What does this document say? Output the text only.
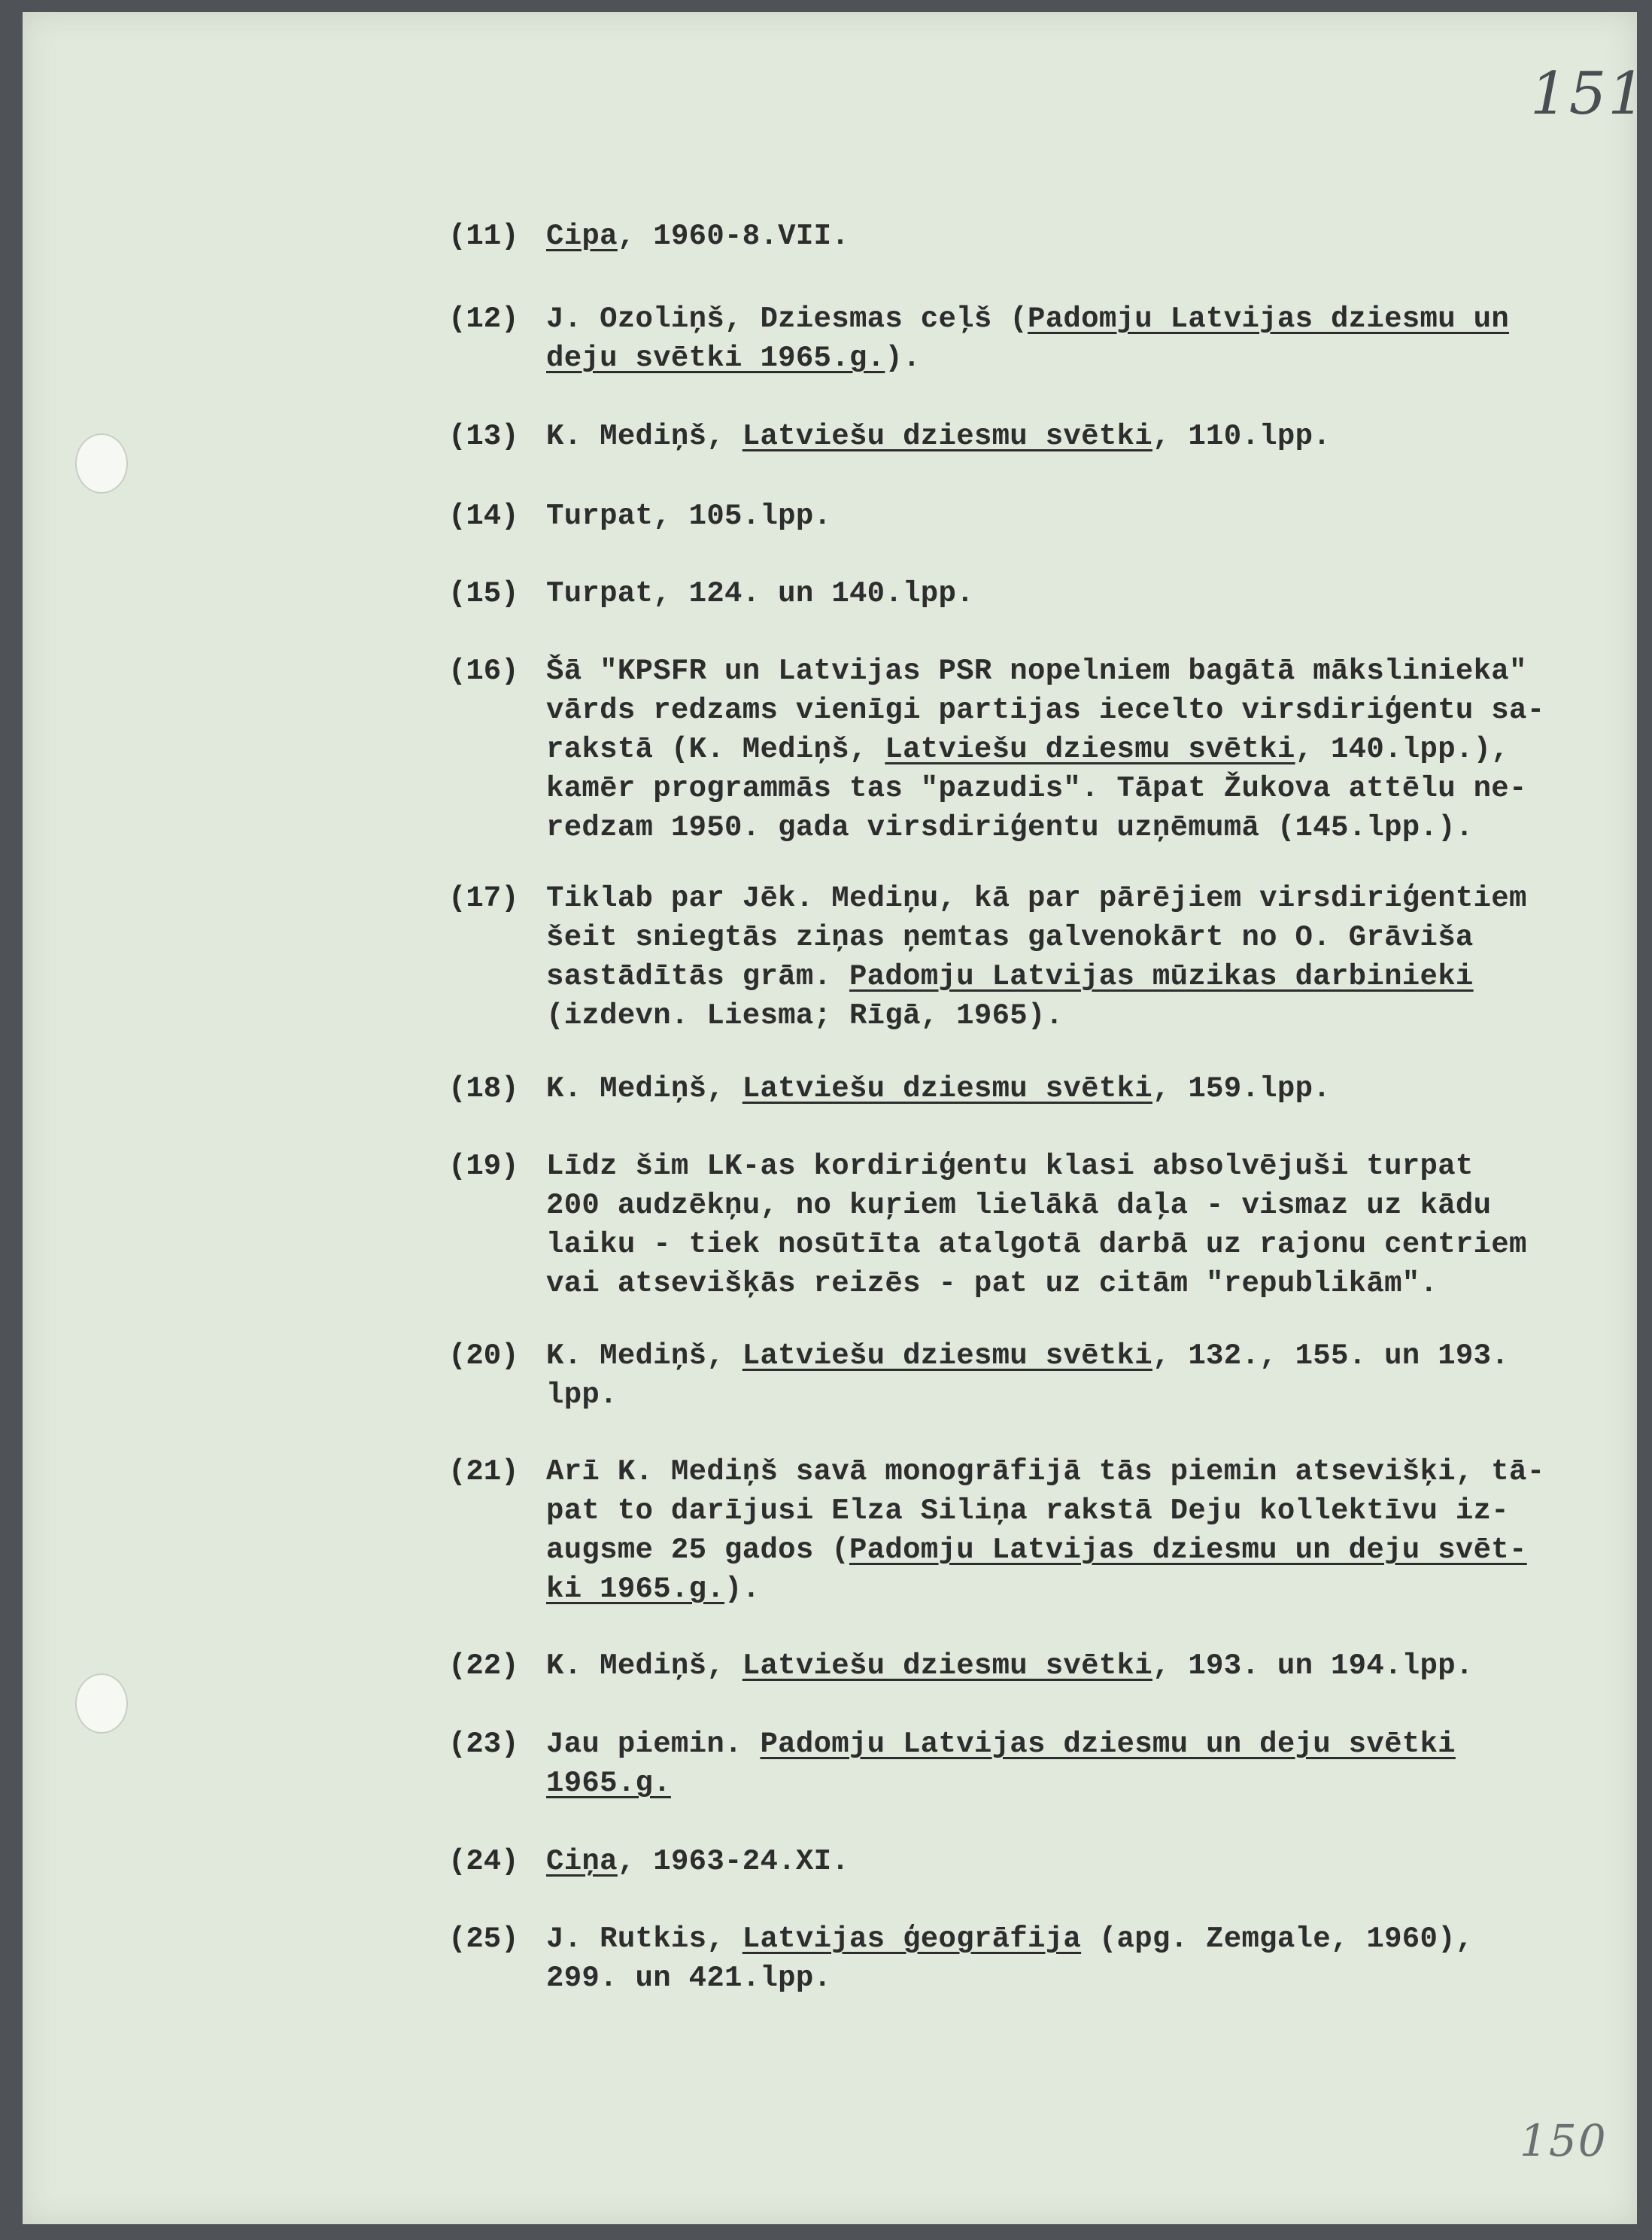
151
150
(11) Cipa, 1960-8.VII.
(12) J. Ozoliņš, Dziesmas ceļš (Padomju Latvijas dziesmu un
deju svētki 1965.g.).
(13) K. Mediņš, Latviešu dziesmu svētki, 110.lpp.
(14) Turpat, 105.lpp.
(15) Turpat, 124. un 140.lpp.
(16) Šā "KPSFR un Latvijas PSR nopelniem bagātā mākslinieka"
vārds redzams vienīgi partijas iecelto virsdiriģentu sa-
rakstā (K. Mediņš, Latviešu dziesmu svētki, 140.lpp.),
kamēr programmās tas "pazudis". Tāpat Žukova attēlu ne-
redzam 1950. gada virsdiriģentu uzņēmumā (145.lpp.).
(17) Tiklab par Jēk. Mediņu, kā par pārējiem virsdiriģentiem
šeit sniegtās ziņas ņemtas galvenokārt no O. Grāviša
sastādītās grām. Padomju Latvijas mūzikas darbinieki
(izdevn. Liesma; Rīgā, 1965).
(18) K. Mediņš, Latviešu dziesmu svētki, 159.lpp.
(19) Līdz šim LK-as kordiriģentu klasi absolvējuši turpat
200 audzēkņu, no kuŗiem lielākā daļa - vismaz uz kādu
laiku - tiek nosūtīta atalgotā darbā uz rajonu centriem
vai atsevišķās reizēs - pat uz citām "republikām".
(20) K. Mediņš, Latviešu dziesmu svētki, 132., 155. un 193.
lpp.
(21) Arī K. Mediņš savā monogrāfijā tās piemin atsevišķi, tā-
pat to darījusi Elza Siliņa rakstā Deju kollektīvu iz-
augsme 25 gados (Padomju Latvijas dziesmu un deju svēt-
ki 1965.g.).
(22) K. Mediņš, Latviešu dziesmu svētki, 193. un 194.lpp.
(23) Jau piemin. Padomju Latvijas dziesmu un deju svētki
1965.g.
(24) Ciņa, 1963-24.XI.
(25) J. Rutkis, Latvijas ģeogrāfija (apg. Zemgale, 1960),
299. un 421.lpp.
